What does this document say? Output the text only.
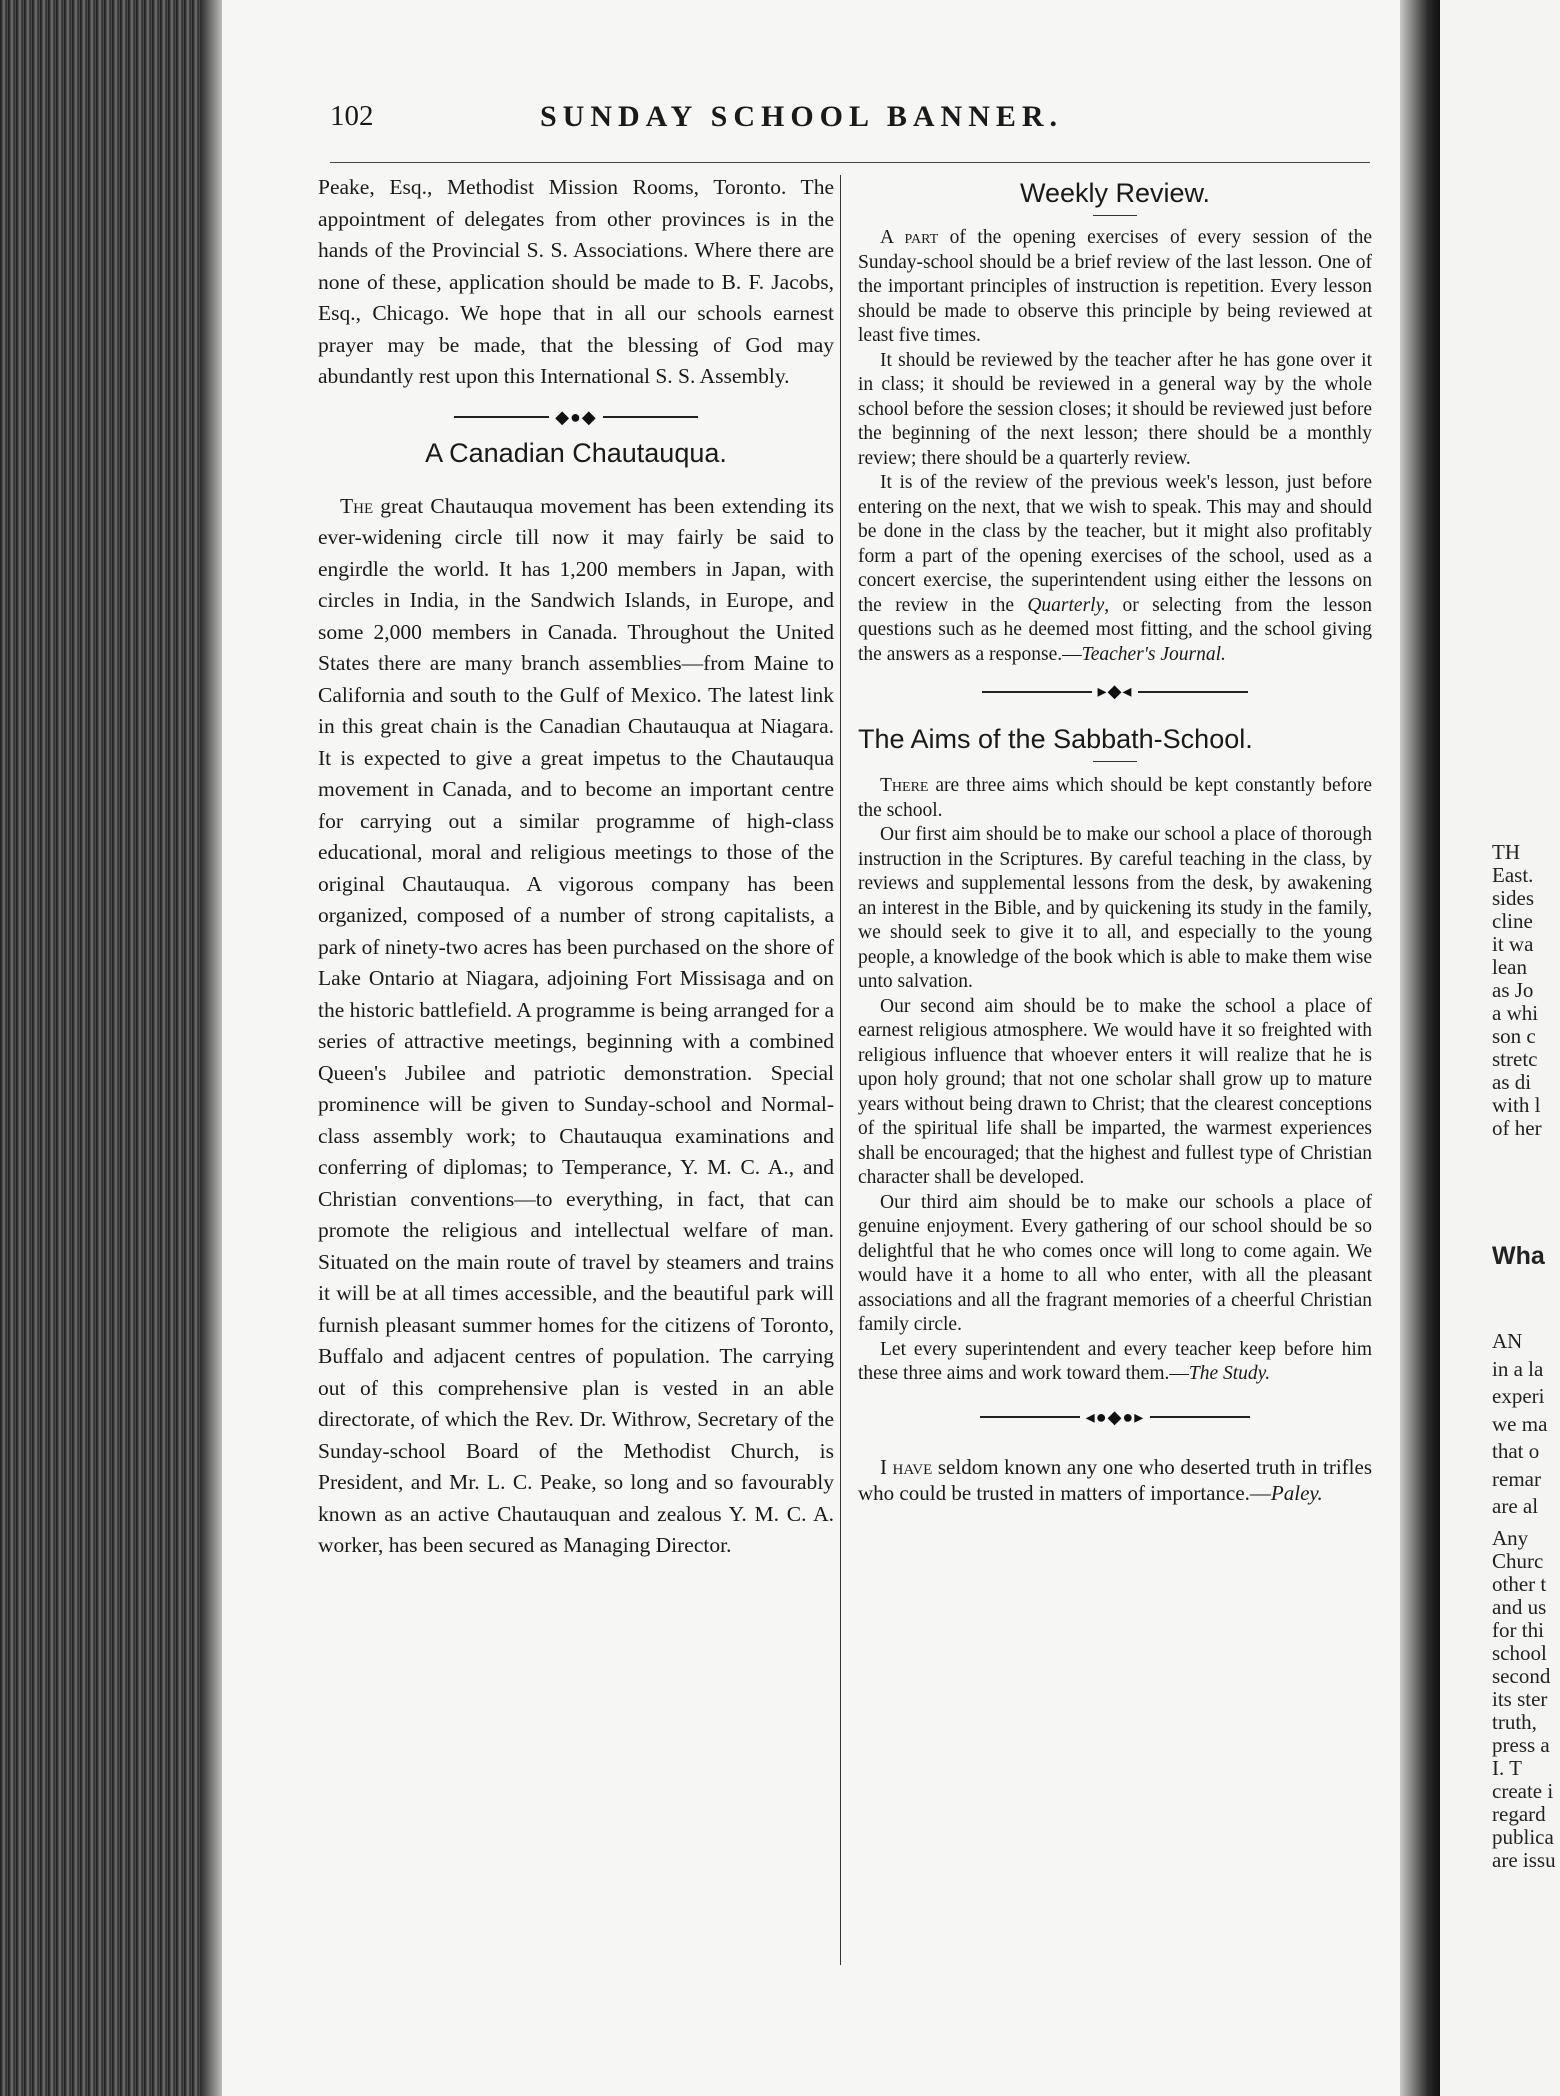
TH
East.
sides
cline
it wa
lean
as Jo
a whi
son c
stretc
as di
with l
of her
Wha
AN
in a la
experi
we ma
that o
remar
are al
Any
Churc
other t
and us
for thi
school
second
its ster
truth,
press a
I. T
create i
regard
publica
are issu
102	SUNDAY SCHOOL BANNER.

Peake, Esq., Methodist Mission Rooms, Toronto. The appointment of delegates from other provinces is in the hands of the Provincial S. S. Associations. Where there are none of these, application should be made to B. F. Jacobs, Esq., Chicago. We hope that in all our schools earnest prayer may be made, that the blessing of God may abundantly rest upon this International S. S. Assembly.

◆●◆
A Canadian Chautauqua.

The great Chautauqua movement has been extending its ever-widening circle till now it may fairly be said to engirdle the world. It has 1,200 members in Japan, with circles in India, in the Sandwich Islands, in Europe, and some 2,000 members in Canada. Throughout the United States there are many branch assemblies—from Maine to California and south to the Gulf of Mexico. The latest link in this great chain is the Canadian Chautauqua at Niagara. It is expected to give a great impetus to the Chautauqua movement in Canada, and to become an important centre for carrying out a similar programme of high-class educational, moral and religious meetings to those of the original Chautauqua. A vigorous company has been organized, composed of a number of strong capitalists, a park of ninety-two acres has been purchased on the shore of Lake Ontario at Niagara, adjoining Fort Missisaga and on the historic battlefield. A programme is being arranged for a series of attractive meetings, beginning with a combined Queen's Jubilee and patriotic demonstration. Special prominence will be given to Sunday-school and Normal-class assembly work; to Chautauqua examinations and conferring of diplomas; to Temperance, Y. M. C. A., and Christian conventions—to everything, in fact, that can promote the religious and intellectual welfare of man. Situated on the main route of travel by steamers and trains it will be at all times accessible, and the beautiful park will furnish pleasant summer homes for the citizens of Toronto, Buffalo and adjacent centres of population. The carrying out of this comprehensive plan is vested in an able directorate, of which the Rev. Dr. Withrow, Secretary of the Sunday-school Board of the Methodist Church, is President, and Mr. L. C. Peake, so long and so favourably known as an active Chautauquan and zealous Y. M. C. A. worker, has been secured as Managing Director.

Weekly Review.

A part of the opening exercises of every session of the Sunday-school should be a brief review of the last lesson. One of the important principles of instruction is repetition. Every lesson should be made to observe this principle by being reviewed at least five times.

It should be reviewed by the teacher after he has gone over it in class; it should be reviewed in a general way by the whole school before the session closes; it should be reviewed just before the beginning of the next lesson; there should be a monthly review; there should be a quarterly review.

It is of the review of the previous week's lesson, just before entering on the next, that we wish to speak. This may and should be done in the class by the teacher, but it might also profitably form a part of the opening exercises of the school, used as a concert exercise, the superintendent using either the lessons on the review in the Quarterly, or selecting from the lesson questions such as he deemed most fitting, and the school giving the answers as a response.—Teacher's Journal.

▸◆◂
The Aims of the Sabbath-School.

There are three aims which should be kept constantly before the school.

Our first aim should be to make our school a place of thorough instruction in the Scriptures. By careful teaching in the class, by reviews and supplemental lessons from the desk, by awakening an interest in the Bible, and by quickening its study in the family, we should seek to give it to all, and especially to the young people, a knowledge of the book which is able to make them wise unto salvation.

Our second aim should be to make the school a place of earnest religious atmosphere. We would have it so freighted with religious influence that whoever enters it will realize that he is upon holy ground; that not one scholar shall grow up to mature years without being drawn to Christ; that the clearest conceptions of the spiritual life shall be imparted, the warmest experiences shall be encouraged; that the highest and fullest type of Christian character shall be developed.

Our third aim should be to make our schools a place of genuine enjoyment. Every gathering of our school should be so delightful that he who comes once will long to come again. We would have it a home to all who enter, with all the pleasant associations and all the fragrant memories of a cheerful Christian family circle.

Let every superintendent and every teacher keep before him these three aims and work toward them.—The Study.

◂●◆●▸

I have seldom known any one who deserted truth in trifles who could be trusted in matters of importance.—Paley.
